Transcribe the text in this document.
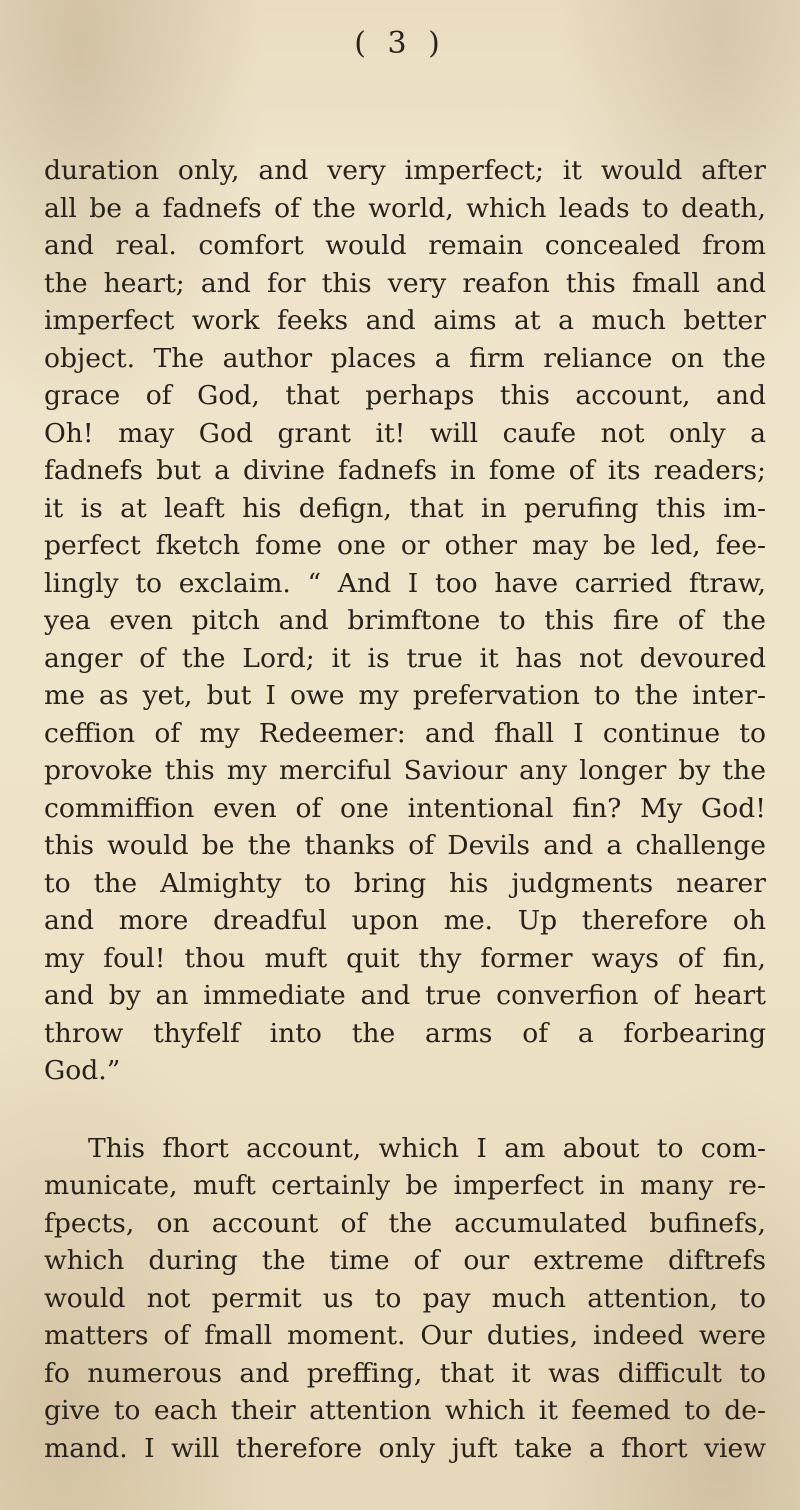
( 3 )
duration only, and very imperfect; it would after
all be a fadnefs of the world, which leads to death,
and real. comfort would remain concealed from
the heart; and for this very reafon this fmall and
imperfect work feeks and aims at a much better
object. The author places a firm reliance on the
grace of God, that perhaps this account, and
Oh! may God grant it! will caufe not only a
fadnefs but a divine fadnefs in fome of its readers;
it is at leaft his defign, that in perufing this im-
perfect fketch fome one or other may be led, fee-
lingly to exclaim. “ And I too have carried ftraw,
yea even pitch and brimftone to this fire of the
anger of the Lord; it is true it has not devoured
me as yet, but I owe my prefervation to the inter-
ceffion of my Redeemer: and fhall I continue to
provoke this my merciful Saviour any longer by the
commiffion even of one intentional fin? My God!
this would be the thanks of Devils and a challenge
to the Almighty to bring his judgments nearer
and more dreadful upon me. Up therefore oh
my foul! thou muft quit thy former ways of fin,
and by an immediate and true converfion of heart
throw thyfelf into the arms of a forbearing
God.”
This fhort account, which I am about to com-
municate, muft certainly be imperfect in many re-
fpects, on account of the accumulated bufinefs,
which during the time of our extreme diftrefs
would not permit us to pay much attention, to
matters of fmall moment. Our duties, indeed were
fo numerous and preffing, that it was difficult to
give to each their attention which it feemed to de-
mand. I will therefore only juft take a fhort view
